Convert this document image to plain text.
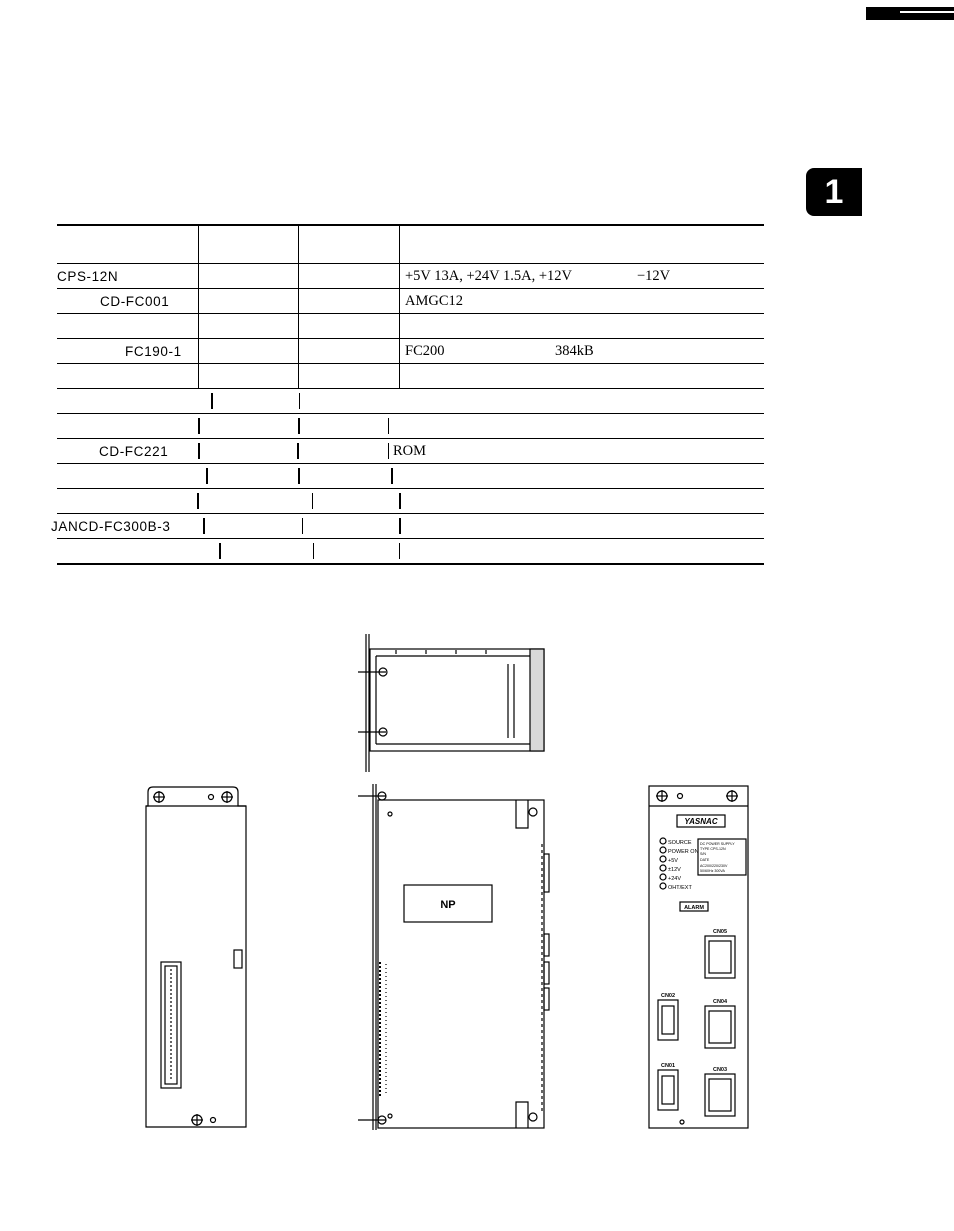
1
CPS-12N	+5V 13A, +24V 1.5A, +12V	−12V
CD-FC001	AMGC12
FC190-1	FC200	384kB
CD-FC221	ROM
JANCD-FC300B-3
NP
YASNAC
SOURCE
POWER ON
+5V
±12V
+24V
OHT/EXT
DC POWER SUPPLY
TYPE CPS-12N
S/N
DATE
AC200/220/230V
50/60Hz 300VA
ALARM
CN05
CN02
CN04
CN01
CN03
